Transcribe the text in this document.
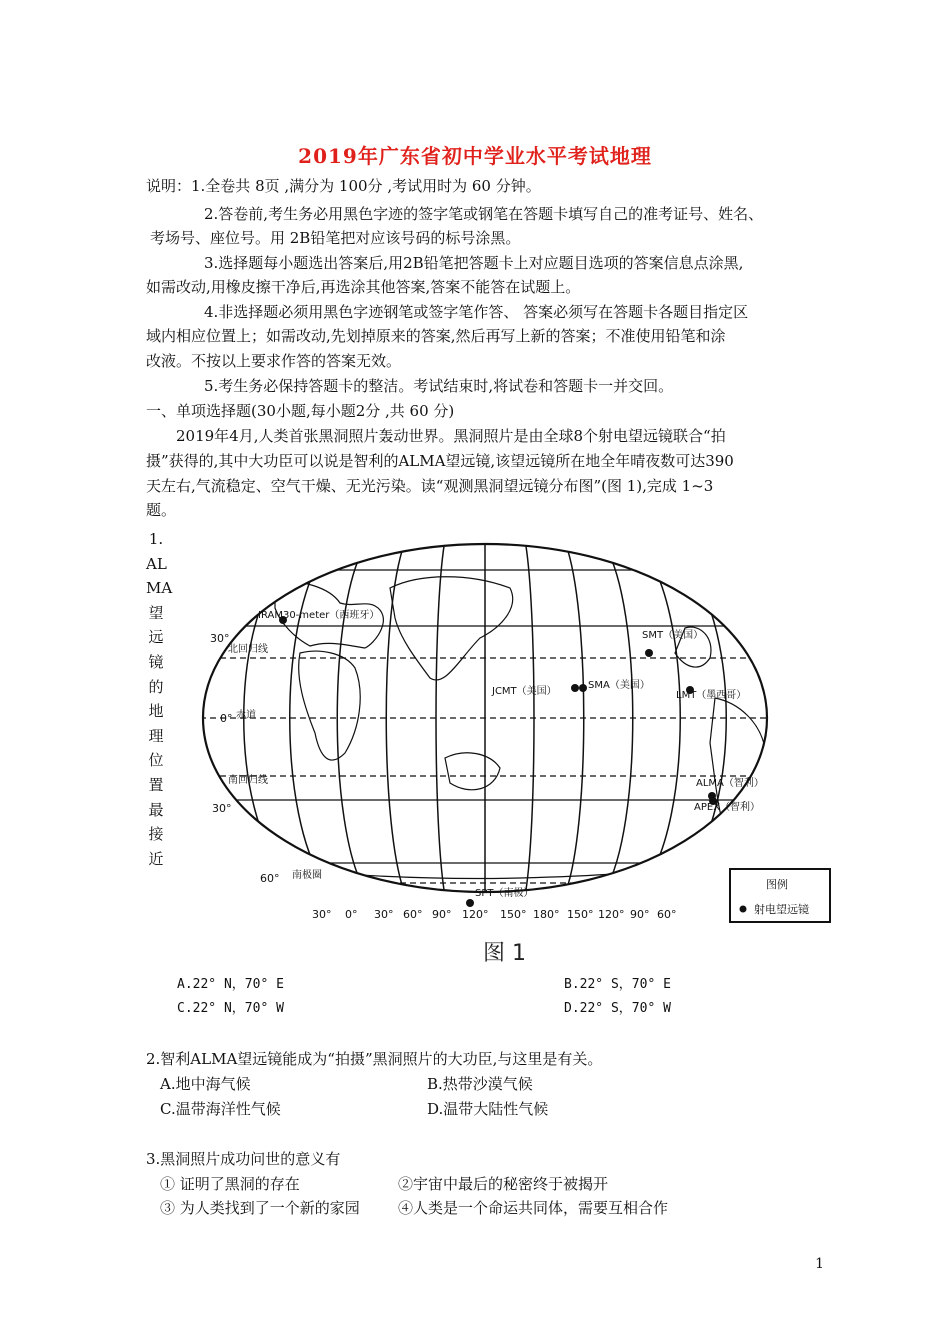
2019年广东省初中学业水平考试地理
说明：1.全卷共 8页 ,满分为 100分 ,考试用时为 60 分钟。
2.答卷前,考生务必用黑色字迹的签字笔或钢笔在答题卡填写自己的准考证号、姓名、
考场号、座位号。用 2B铅笔把对应该号码的标号涂黑。
3.选择题每小题选出答案后,用2B铅笔把答题卡上对应题目选项的答案信息点涂黑,
如需改动,用橡皮擦干净后,再选涂其他答案,答案不能答在试题上。
4.非选择题必须用黑色字迹钢笔或签字笔作答、 答案必须写在答题卡各题目指定区
域内相应位置上；如需改动,先划掉原来的答案,然后再写上新的答案；不准使用铅笔和涂
改液。不按以上要求作答的答案无效。
5.考生务必保持答题卡的整洁。考试结束时,将试卷和答题卡一并交回。
一、单项选择题(30小题,每小题2分 ,共 60 分)
2019年4月,人类首张黑洞照片轰动世界。黑洞照片是由全球8个射电望远镜联合“拍
摄”获得的,其中大功臣可以说是智利的ALMA望远镜,该望远镜所在地全年晴夜数可达390
天左右,气流稳定、空气干燥、无光污染。读“观测黑洞望远镜分布图”(图 1),完成 1~3
题。
1.
AL
MA
望
远
镜
的
地
理
位
置
最
接
近
30°
0°
30°
60°
北回归线
赤道
南回归线
南极圈
30° 0° 30° 60° 90° 120° 150° 180° 150° 120° 90° 60°
IRAM30-meter（西班牙）
SMT（美国）
JCMT（美国）
SMA（美国）
LMT（墨西哥）
ALMA（智利）
APEX（智利）
SPT（南极）
图例
射电望远镜
图 1
A.22° N，70° E	B.22° S，70° E
C.22° N，70° W	D.22° S，70° W
2.智利ALMA望远镜能成为“拍摄”黑洞照片的大功臣,与这里是有关。
A.地中海气候	B.热带沙漠气候
C.温带海洋性气候	D.温带大陆性气候
3.黑洞照片成功问世的意义有
① 证明了黑洞的存在	②宇宙中最后的秘密终于被揭开
③ 为人类找到了一个新的家园	④人类是一个命运共同体，需要互相合作
1
